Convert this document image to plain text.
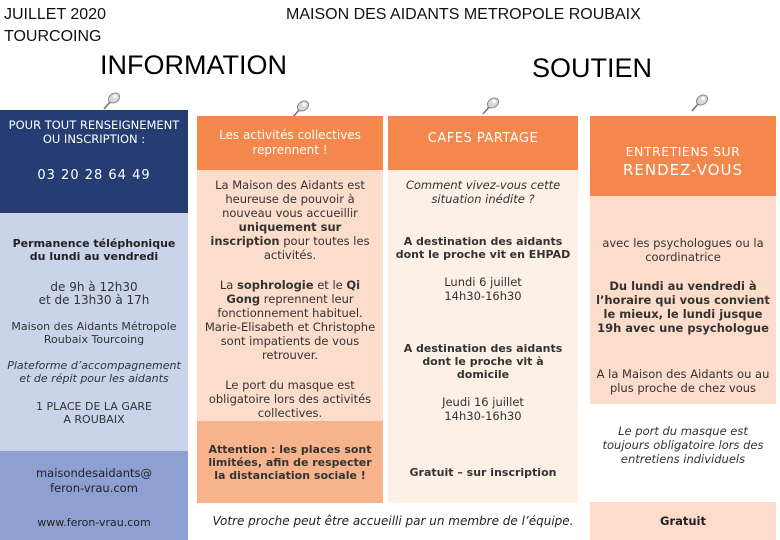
JUILLET 2020
TOURCOING
MAISON DES AIDANTS METROPOLE ROUBAIX
INFORMATION	SOUTIEN
POUR TOUT RENSEIGNEMENT OU INSCRIPTION :
03 20 28 64 49
Permanence téléphonique du lundi au vendredi
de 9h à 12h30
et de 13h30 à 17h
Maison des Aidants Métropole Roubaix Tourcoing
Plateforme d’accompagnement et de répit pour les aidants
1 PLACE DE LA GARE
A ROUBAIX
maisondesaidants@ feron-vrau.com
www.feron-vrau.com
Les activités collectives reprennent !
La Maison des Aidants est heureuse de pouvoir à nouveau vous accueillir uniquement sur inscription pour toutes les activités.
La sophrologie et le Qi Gong reprennent leur fonctionnement habituel. Marie-Elisabeth et Christophe sont impatients de vous retrouver.
Le port du masque est obligatoire lors des activités collectives.
Attention : les places sont limitées, afin de respecter la distanciation sociale !
CAFES PARTAGE
Comment vivez-vous cette situation inédite ?
A destination des aidants dont le proche vit en EHPAD
Lundi 6 juillet
14h30-16h30
A destination des aidants dont le proche vit à domicile
Jeudi 16 juillet
14h30-16h30
Gratuit – sur inscription
ENTRETIENS SUR
RENDEZ-VOUS
avec les psychologues ou la coordinatrice
Du lundi au vendredi à l’horaire qui vous convient le mieux, le lundi jusque 19h avec une psychologue
A la Maison des Aidants ou au plus proche de chez vous
Le port du masque est toujours obligatoire lors des entretiens individuels
Gratuit
Votre proche peut être accueilli par un membre de l’équipe.
